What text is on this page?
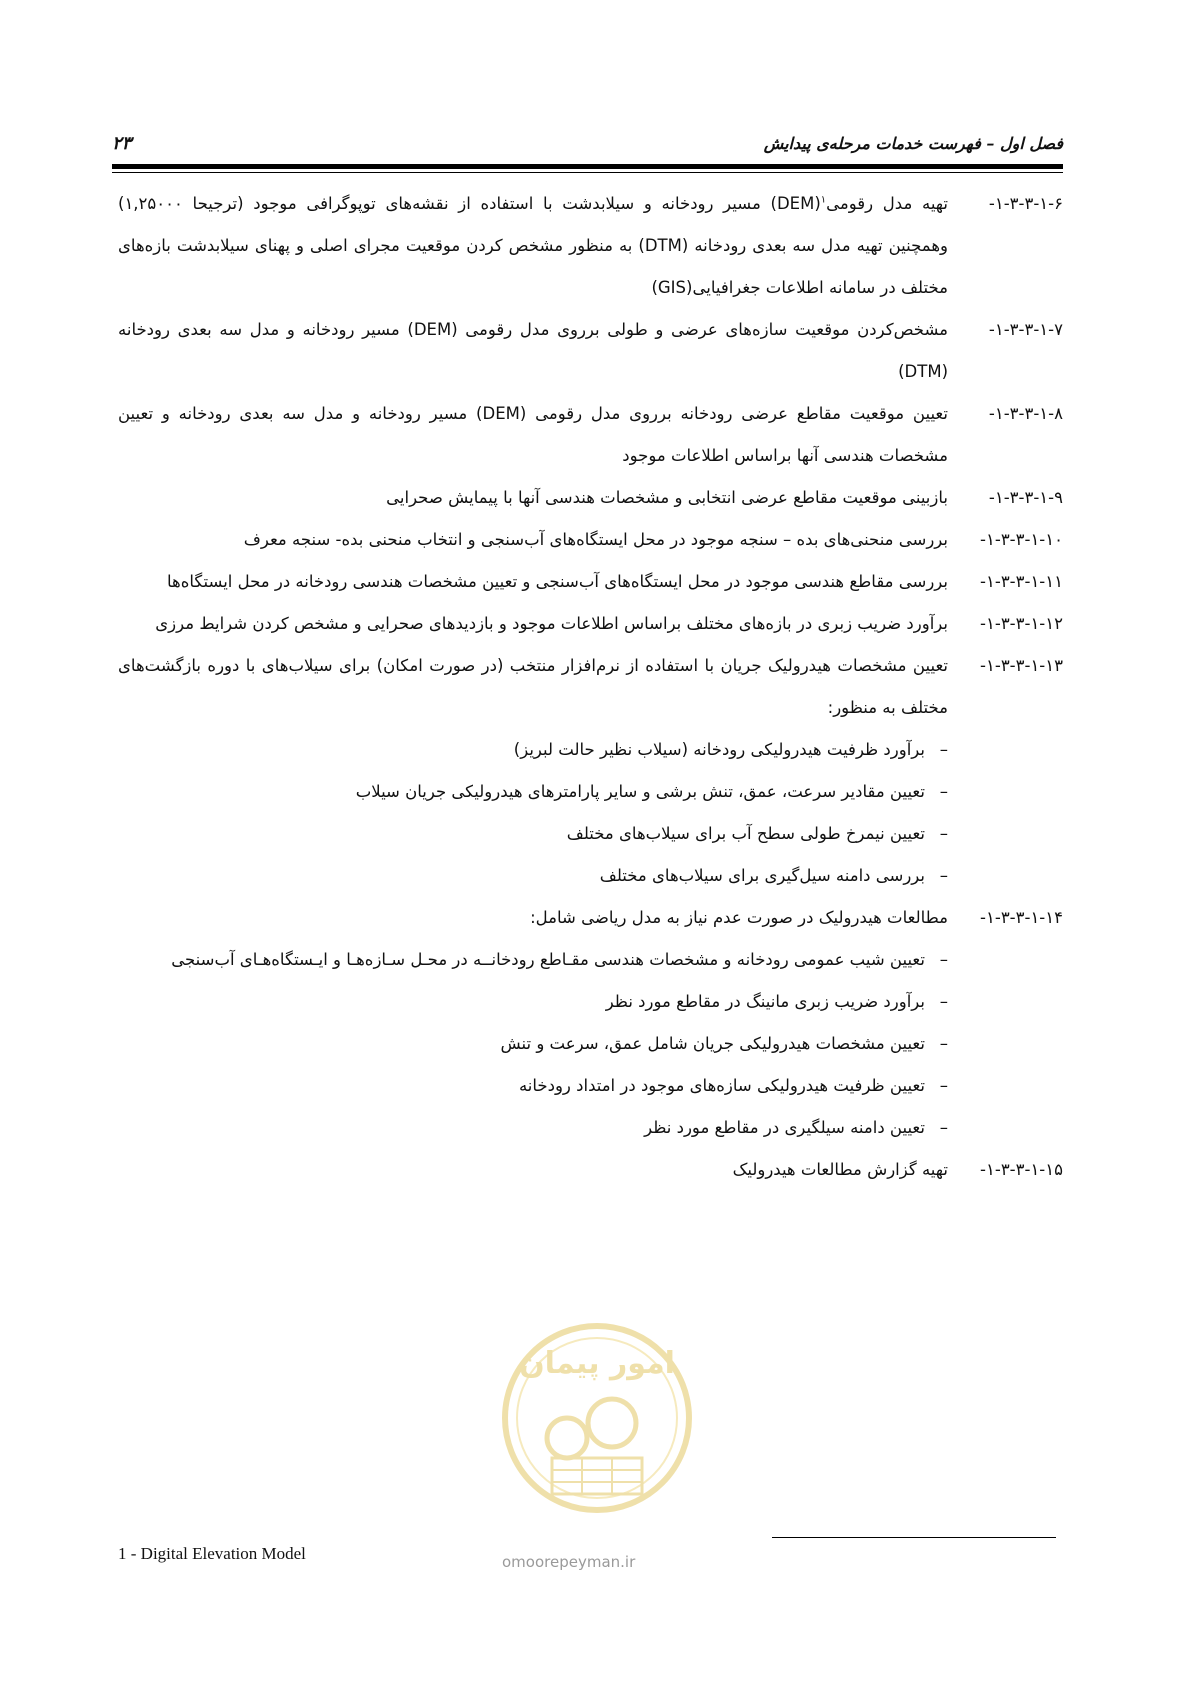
فصل اول – فهرست خدمات مرحله‌ی پیدایش
۲۳
۱-۳-۳-۱-۶-
تهیه مدل رقومی$^۱$(DEM) مسیر رودخانه و سیلابدشت با استفاده از نقشه‌های توپوگرافی موجود (ترجیحا ۱,۲۵۰۰۰) وهمچنین تهیه مدل سه بعدی رودخانه (DTM) به منظور مشخص کردن موقعیت مجرای اصلی و پهنای سیلابدشت بازه‌های مختلف در سامانه اطلاعات جغرافیایی(GIS)
۱-۳-۳-۱-۷-
مشخص‌کردن موقعیت سازه‌های عرضی و طولی برروی مدل رقومی (DEM) مسیر رودخانه و مدل سه بعدی رودخانه (DTM)
۱-۳-۳-۱-۸-
تعیین موقعیت مقاطع عرضی رودخانه برروی مدل رقومی (DEM) مسیر رودخانه و مدل سه بعدی رودخانه و تعیین مشخصات هندسی آنها براساس اطلاعات موجود
۱-۳-۳-۱-۹-
بازبینی موقعیت مقاطع عرضی انتخابی و مشخصات هندسی آنها با پیمایش صحرایی
۱-۳-۳-۱-۱۰-
بررسی منحنی‌های بده – سنجه موجود در محل ایستگاه‌های آب‌سنجی و انتخاب منحنی بده- سنجه معرف
۱-۳-۳-۱-۱۱-
بررسی مقاطع هندسی موجود در محل ایستگاه‌های آب‌سنجی و تعیین مشخصات هندسی رودخانه در محل ایستگاه‌ها
۱-۳-۳-۱-۱۲-
برآورد ضریب زبری در بازه‌های مختلف براساس اطلاعات موجود و بازدیدهای صحرایی و مشخص کردن شرایط مرزی
۱-۳-۳-۱-۱۳-
تعیین مشخصات هیدرولیک جریان با استفاده از نرم‌افزار منتخب (در صورت امکان) برای سیلاب‌های با دوره بازگشت‌های مختلف به منظور:
–
برآورد ظرفیت هیدرولیکی رودخانه (سیلاب نظیر حالت لبریز)
–
تعیین مقادیر سرعت، عمق، تنش برشی و سایر پارامترهای هیدرولیکی جریان سیلاب
–
تعیین نیمرخ طولی سطح آب برای سیلاب‌های مختلف
–
بررسی دامنه سیل‌گیری برای سیلاب‌های مختلف
۱-۳-۳-۱-۱۴-
مطالعات هیدرولیک در صورت عدم نیاز به مدل ریاضی شامل:
–
تعیین شیب عمومی رودخانه و مشخصات هندسی مقـاطع رودخانــه در محـل سـازه‌هـا و ایـستگاه‌هـای آب‌سنجی
–
برآورد ضریب زبری مانینگ در مقاطع مورد نظر
–
تعیین مشخصات هیدرولیکی جریان شامل عمق، سرعت و تنش
–
تعیین ظرفیت هیدرولیکی سازه‌های موجود در امتداد رودخانه
–
تعیین دامنه سیلگیری در مقاطع مورد نظر
۱-۳-۳-۱-۱۵-
تهیه گزارش مطالعات هیدرولیک
1 - Digital Elevation Model
امور پیمان
omoorepeyman.ir
